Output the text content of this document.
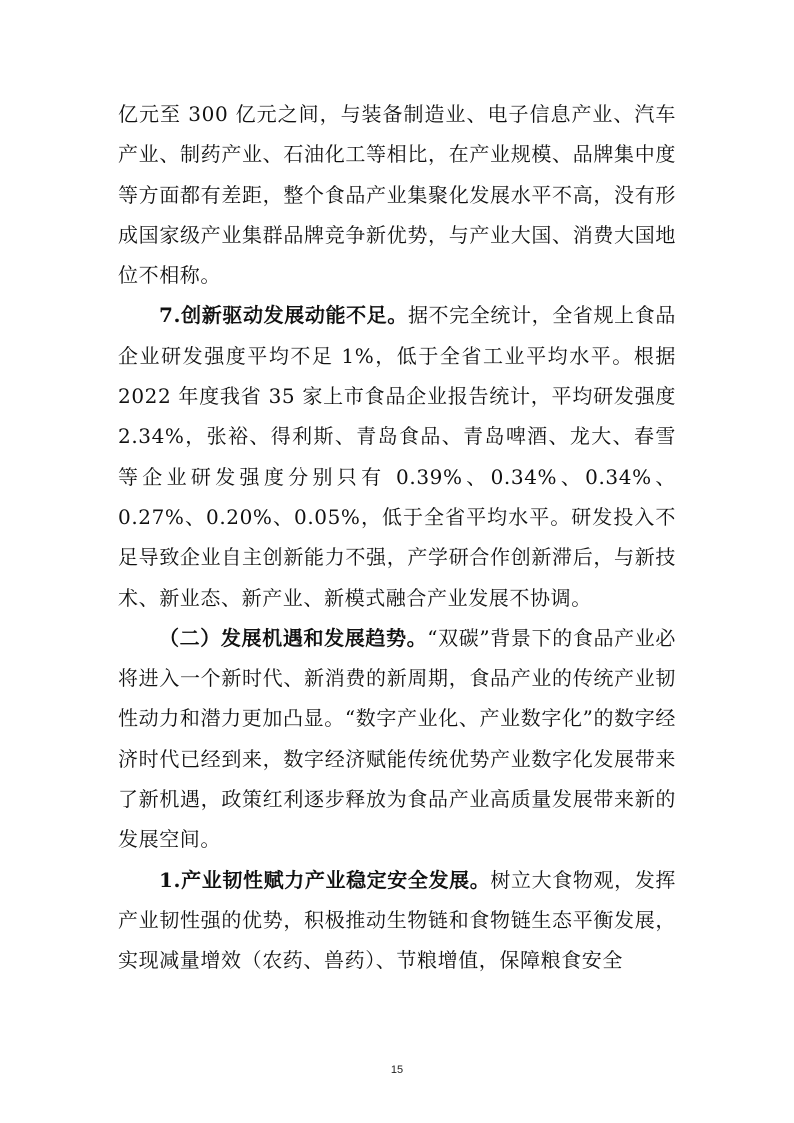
亿元至 300 亿元之间，与装备制造业、电子信息产业、汽车产业、制药产业、石油化工等相比，在产业规模、品牌集中度等方面都有差距，整个食品产业集聚化发展水平不高，没有形成国家级产业集群品牌竞争新优势，与产业大国、消费大国地位不相称。

7.创新驱动发展动能不足。据不完全统计，全省规上食品企业研发强度平均不足 1%，低于全省工业平均水平。根据 2022 年度我省 35 家上市食品企业报告统计，平均研发强度 2.34%，张裕、得利斯、青岛食品、青岛啤酒、龙大、春雪等企业研发强度分别只有 0.39%、0.34%、0.34%、0.27%、0.20%、0.05%，低于全省平均水平。研发投入不足导致企业自主创新能力不强，产学研合作创新滞后，与新技术、新业态、新产业、新模式融合产业发展不协调。

（二）发展机遇和发展趋势。“双碳”背景下的食品产业必将进入一个新时代、新消费的新周期，食品产业的传统产业韧性动力和潜力更加凸显。“数字产业化、产业数字化”的数字经济时代已经到来，数字经济赋能传统优势产业数字化发展带来了新机遇，政策红利逐步释放为食品产业高质量发展带来新的发展空间。

1.产业韧性赋力产业稳定安全发展。树立大食物观，发挥产业韧性强的优势，积极推动生物链和食物链生态平衡发展，实现减量增效（农药、兽药）、节粮增值，保障粮食安全

15
